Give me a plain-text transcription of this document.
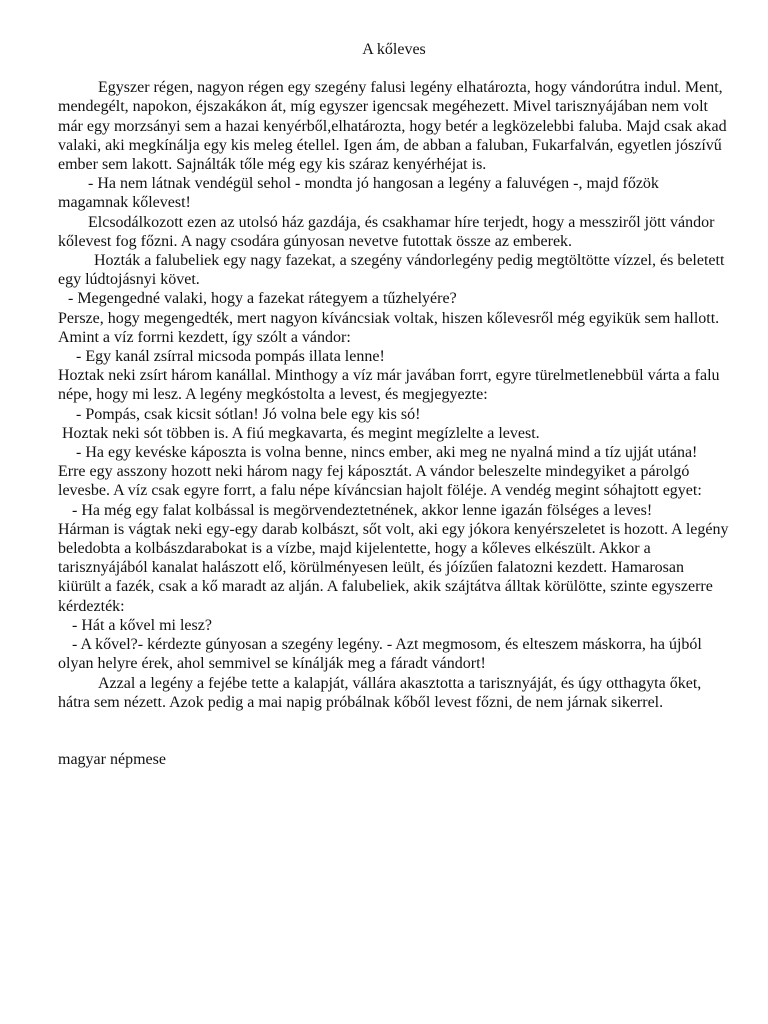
A kőleves

Egyszer régen, nagyon régen egy szegény falusi legény elhatározta, hogy vándorútra indul. Ment, mendegélt, napokon, éjszakákon át, míg egyszer igencsak megéhezett. Mivel tarisznyájában nem volt már egy morzsányi sem a hazai kenyérből,elhatározta, hogy betér a legközelebbi faluba. Majd csak akad valaki, aki megkínálja egy kis meleg étellel. Igen ám, de abban a faluban, Fukarfalván, egyetlen jószívű ember sem lakott. Sajnálták tőle még egy kis száraz kenyérhéjat is.

- Ha nem látnak vendégül sehol - mondta jó hangosan a legény a faluvégen -, majd főzök magamnak kőlevest!

Elcsodálkozott ezen az utolsó ház gazdája, és csakhamar híre terjedt, hogy a messziről jött vándor kőlevest fog főzni. A nagy csodára gúnyosan nevetve futottak össze az emberek.

Hozták a falubeliek egy nagy fazekat, a szegény vándorlegény pedig megtöltötte vízzel, és beletett egy lúdtojásnyi követ.

- Megengedné valaki, hogy a fazekat rátegyem a tűzhelyére?

Persze, hogy megengedték, mert nagyon kíváncsiak voltak, hiszen kőlevesről még egyikük sem hallott. Amint a víz forrni kezdett, így szólt a vándor:

- Egy kanál zsírral micsoda pompás illata lenne!

Hoztak neki zsírt három kanállal. Minthogy a víz már javában forrt, egyre türelmetlenebbül várta a falu népe, hogy mi lesz. A legény megkóstolta a levest, és megjegyezte:

- Pompás, csak kicsit sótlan! Jó volna bele egy kis só!

Hoztak neki sót többen is. A fiú megkavarta, és megint megízlelte a levest.

- Ha egy kevéske káposzta is volna benne, nincs ember, aki meg ne nyalná mind a tíz ujját utána!

Erre egy asszony hozott neki három nagy fej káposztát. A vándor beleszelte mindegyiket a párolgó levesbe. A víz csak egyre forrt, a falu népe kíváncsian hajolt föléje. A vendég megint sóhajtott egyet:

- Ha még egy falat kolbással is megörvendeztetnének, akkor lenne igazán fölséges a leves!

Hárman is vágtak neki egy-egy darab kolbászt, sőt volt, aki egy jókora kenyérszeletet is hozott. A legény beledobta a kolbászdarabokat is a vízbe, majd kijelentette, hogy a kőleves elkészült. Akkor a tarisznyájából kanalat halászott elő, körülményesen leült, és jóízűen falatozni kezdett. Hamarosan kiürült a fazék, csak a kő maradt az alján. A falubeliek, akik szájtátva álltak körülötte, szinte egyszerre kérdezték:

- Hát a kővel mi lesz?

- A kővel?- kérdezte gúnyosan a szegény legény. - Azt megmosom, és elteszem máskorra, ha újból olyan helyre érek, ahol semmivel se kínálják meg a fáradt vándort!

Azzal a legény a fejébe tette a kalapját, vállára akasztotta a tarisznyáját, és úgy otthagyta őket, hátra sem nézett. Azok pedig a mai napig próbálnak kőből levest főzni, de nem járnak sikerrel.

magyar népmese
